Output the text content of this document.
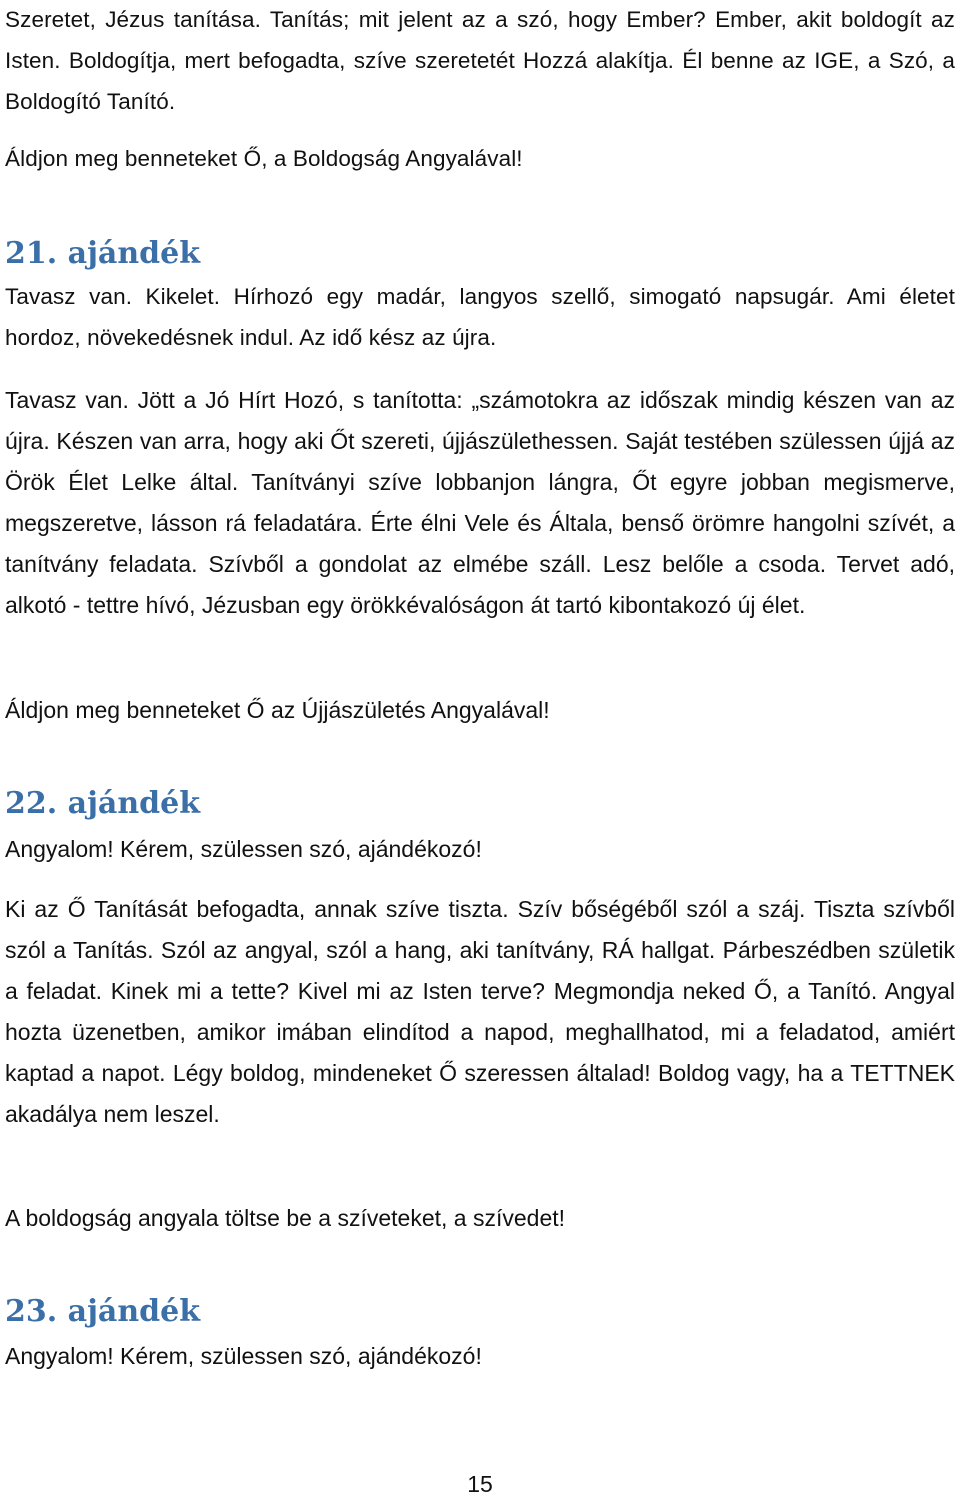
Szeretet, Jézus tanítása. Tanítás; mit jelent az a szó, hogy Ember? Ember, akit boldogít az Isten. Boldogítja, mert befogadta, szíve szeretetét Hozzá alakítja. Él benne az IGE, a Szó, a Boldogító Tanító.

Áldjon meg benneteket Ő, a Boldogság Angyalával!

21. ajándék

Tavasz van. Kikelet. Hírhozó egy madár, langyos szellő, simogató napsugár. Ami életet hordoz, növekedésnek indul. Az idő kész az újra.

Tavasz van. Jött a Jó Hírt Hozó, s tanította: „számotokra az időszak mindig készen van az újra. Készen van arra, hogy aki Őt szereti, újjászülethessen. Saját testében szülessen újjá az Örök Élet Lelke által. Tanítványi szíve lobbanjon lángra, Őt egyre jobban megismerve, megszeretve, lásson rá feladatára. Érte élni Vele és Általa, benső örömre hangolni szívét, a tanítvány feladata. Szívből a gondolat az elmébe száll. Lesz belőle a csoda. Tervet adó, alkotó - tettre hívó, Jézusban egy örökkévalóságon át tartó kibontakozó új élet.

Áldjon meg benneteket Ő az Újjászületés Angyalával!

22. ajándék

Angyalom! Kérem, szülessen szó, ajándékozó!

Ki az Ő Tanítását befogadta, annak szíve tiszta. Szív bőségéből szól a száj. Tiszta szívből szól a Tanítás. Szól az angyal, szól a hang, aki tanítvány, RÁ hallgat. Párbeszédben születik a feladat. Kinek mi a tette? Kivel mi az Isten terve? Megmondja neked Ő, a Tanító. Angyal hozta üzenetben, amikor imában elindítod a napod, meghallhatod, mi a feladatod, amiért kaptad a napot. Légy boldog, mindeneket Ő szeressen általad! Boldog vagy, ha a TETTNEK akadálya nem leszel.

A boldogság angyala töltse be a szíveteket, a szívedet!

23. ajándék

Angyalom! Kérem, szülessen szó, ajándékozó!

15
